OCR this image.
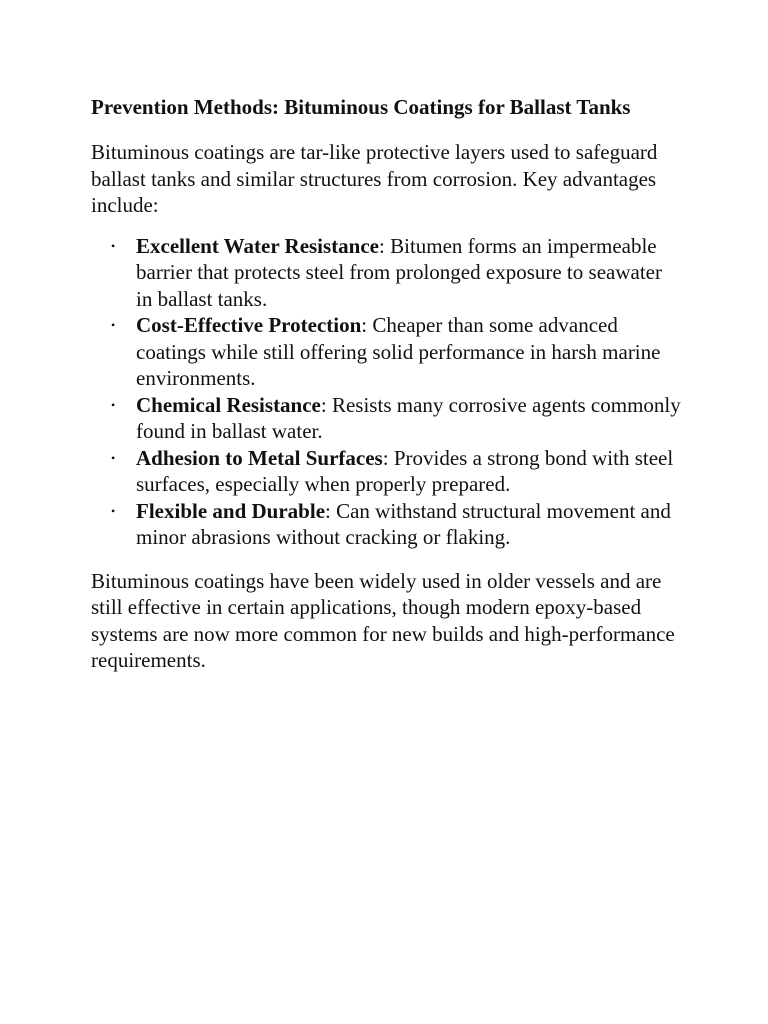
Prevention Methods: Bituminous Coatings for Ballast Tanks

Bituminous coatings are tar-like protective layers used to safeguard ballast tanks and similar structures from corrosion. Key advantages include:

• Excellent Water Resistance: Bitumen forms an impermeable barrier that protects steel from prolonged exposure to seawater in ballast tanks.
• Cost-Effective Protection: Cheaper than some advanced coatings while still offering solid performance in harsh marine environments.
• Chemical Resistance: Resists many corrosive agents commonly found in ballast water.
• Adhesion to Metal Surfaces: Provides a strong bond with steel surfaces, especially when properly prepared.
• Flexible and Durable: Can withstand structural movement and minor abrasions without cracking or flaking.

Bituminous coatings have been widely used in older vessels and are still effective in certain applications, though modern epoxy-based systems are now more common for new builds and high-performance requirements.
